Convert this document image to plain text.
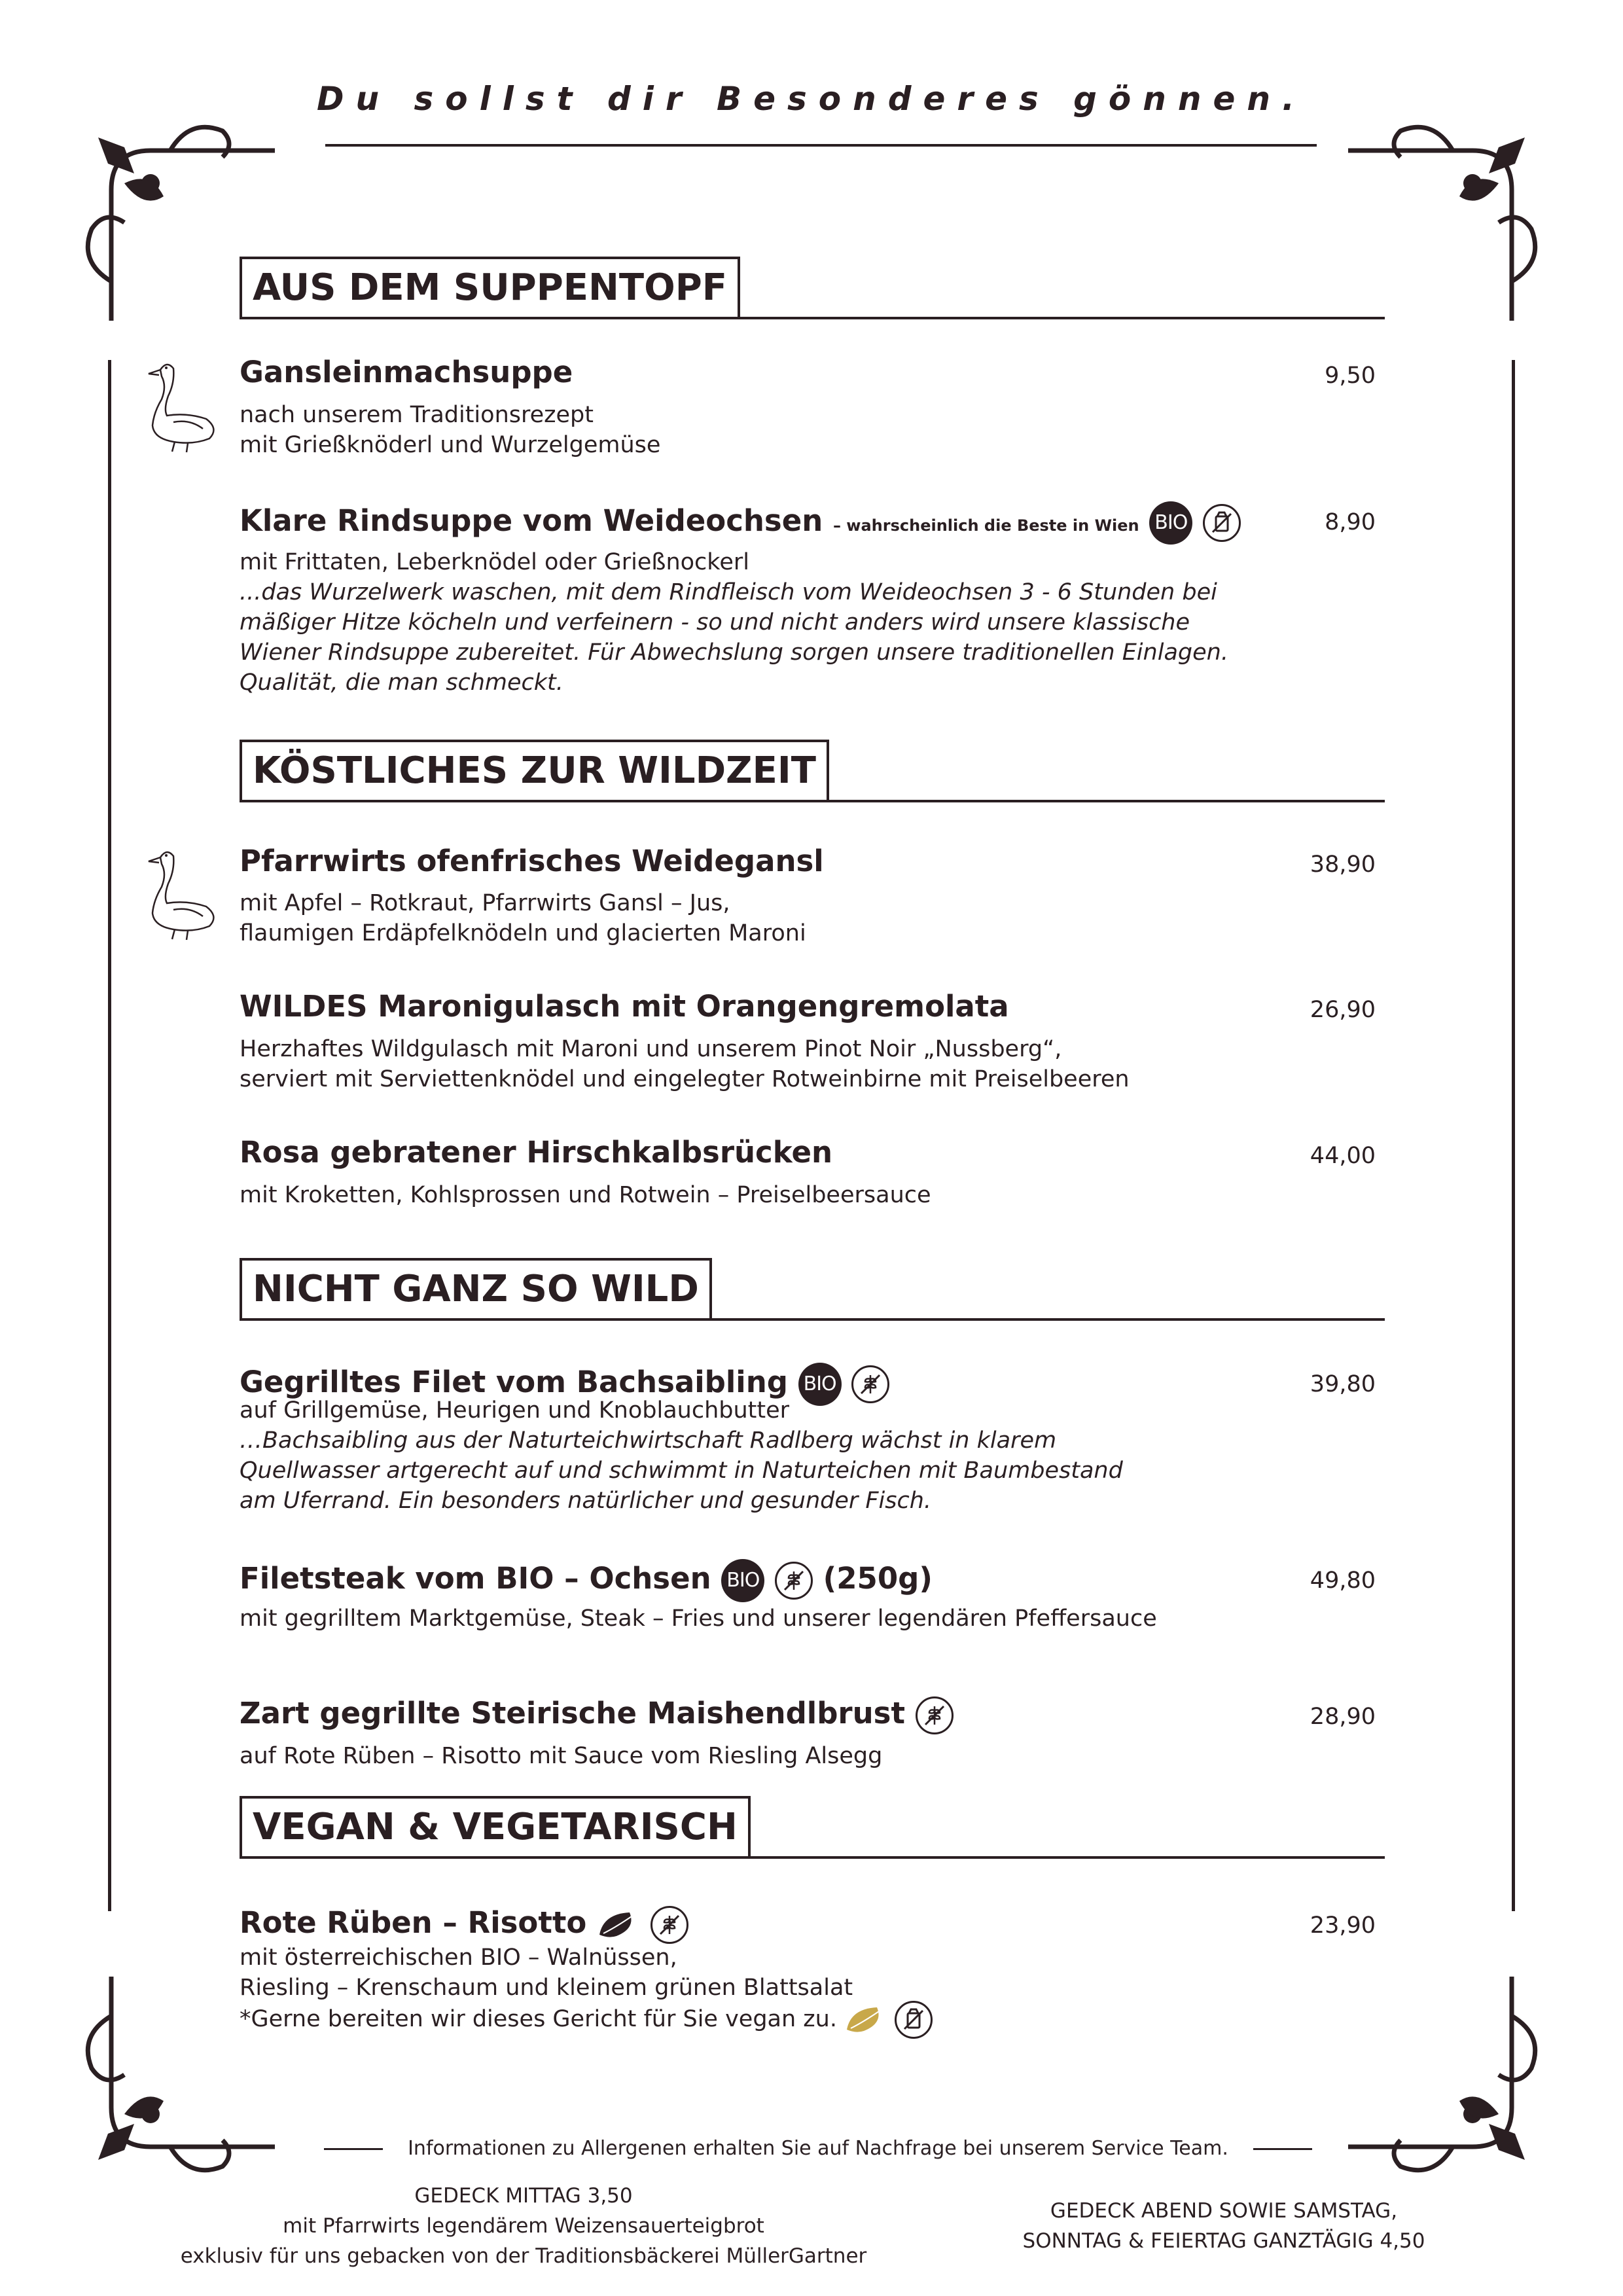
Du sollst dir Besonderes gönnen.
AUS DEM SUPPENTOPF
Gansleinmachsuppe	9,50
nach unserem Traditionsrezept
mit Grießknöderl und Wurzelgemüse
Klare Rindsuppe vom Weideochsen – wahrscheinlich die Beste in Wien BIO	8,90
mit Frittaten, Leberknödel oder Grießnockerl
...das Wurzelwerk waschen, mit dem Rindfleisch vom Weideochsen 3 - 6 Stunden bei
mäßiger Hitze köcheln und verfeinern - so und nicht anders wird unsere klassische
Wiener Rindsuppe zubereitet. Für Abwechslung sorgen unsere traditionellen Einlagen.
Qualität, die man schmeckt.
KÖSTLICHES ZUR WILDZEIT
Pfarrwirts ofenfrisches Weidegansl	38,90
mit Apfel – Rotkraut, Pfarrwirts Gansl – Jus,
flaumigen Erdäpfelknödeln und glacierten Maroni
WILDES Maronigulasch mit Orangengremolata	26,90
Herzhaftes Wildgulasch mit Maroni und unserem Pinot Noir „Nussberg“,
serviert mit Serviettenknödel und eingelegter Rotweinbirne mit Preiselbeeren
Rosa gebratener Hirschkalbsrücken	44,00
mit Kroketten, Kohlsprossen und Rotwein – Preiselbeersauce
NICHT GANZ SO WILD
Gegrilltes Filet vom Bachsaibling BIO	39,80
auf Grillgemüse, Heurigen und Knoblauchbutter
…Bachsaibling aus der Naturteichwirtschaft Radlberg wächst in klarem
Quellwasser artgerecht auf und schwimmt in Naturteichen mit Baumbestand
am Uferrand. Ein besonders natürlicher und gesunder Fisch.
Filetsteak vom BIO – Ochsen BIO (250g)	49,80
mit gegrilltem Marktgemüse, Steak – Fries und unserer legendären Pfeffersauce
Zart gegrillte Steirische Maishendlbrust	28,90
auf Rote Rüben – Risotto mit Sauce vom Riesling Alsegg
VEGAN & VEGETARISCH
Rote Rüben – Risotto	23,90
mit österreichischen BIO – Walnüssen,
Riesling – Krenschaum und kleinem grünen Blattsalat
*Gerne bereiten wir dieses Gericht für Sie vegan zu.
Informationen zu Allergenen erhalten Sie auf Nachfrage bei unserem Service Team.
GEDECK MITTAG 3,50
mit Pfarrwirts legendärem Weizensauerteigbrot
exklusiv für uns gebacken von der Traditionsbäckerei MüllerGartner
GEDECK ABEND SOWIE SAMSTAG,
SONNTAG & FEIERTAG GANZTÄGIG 4,50
